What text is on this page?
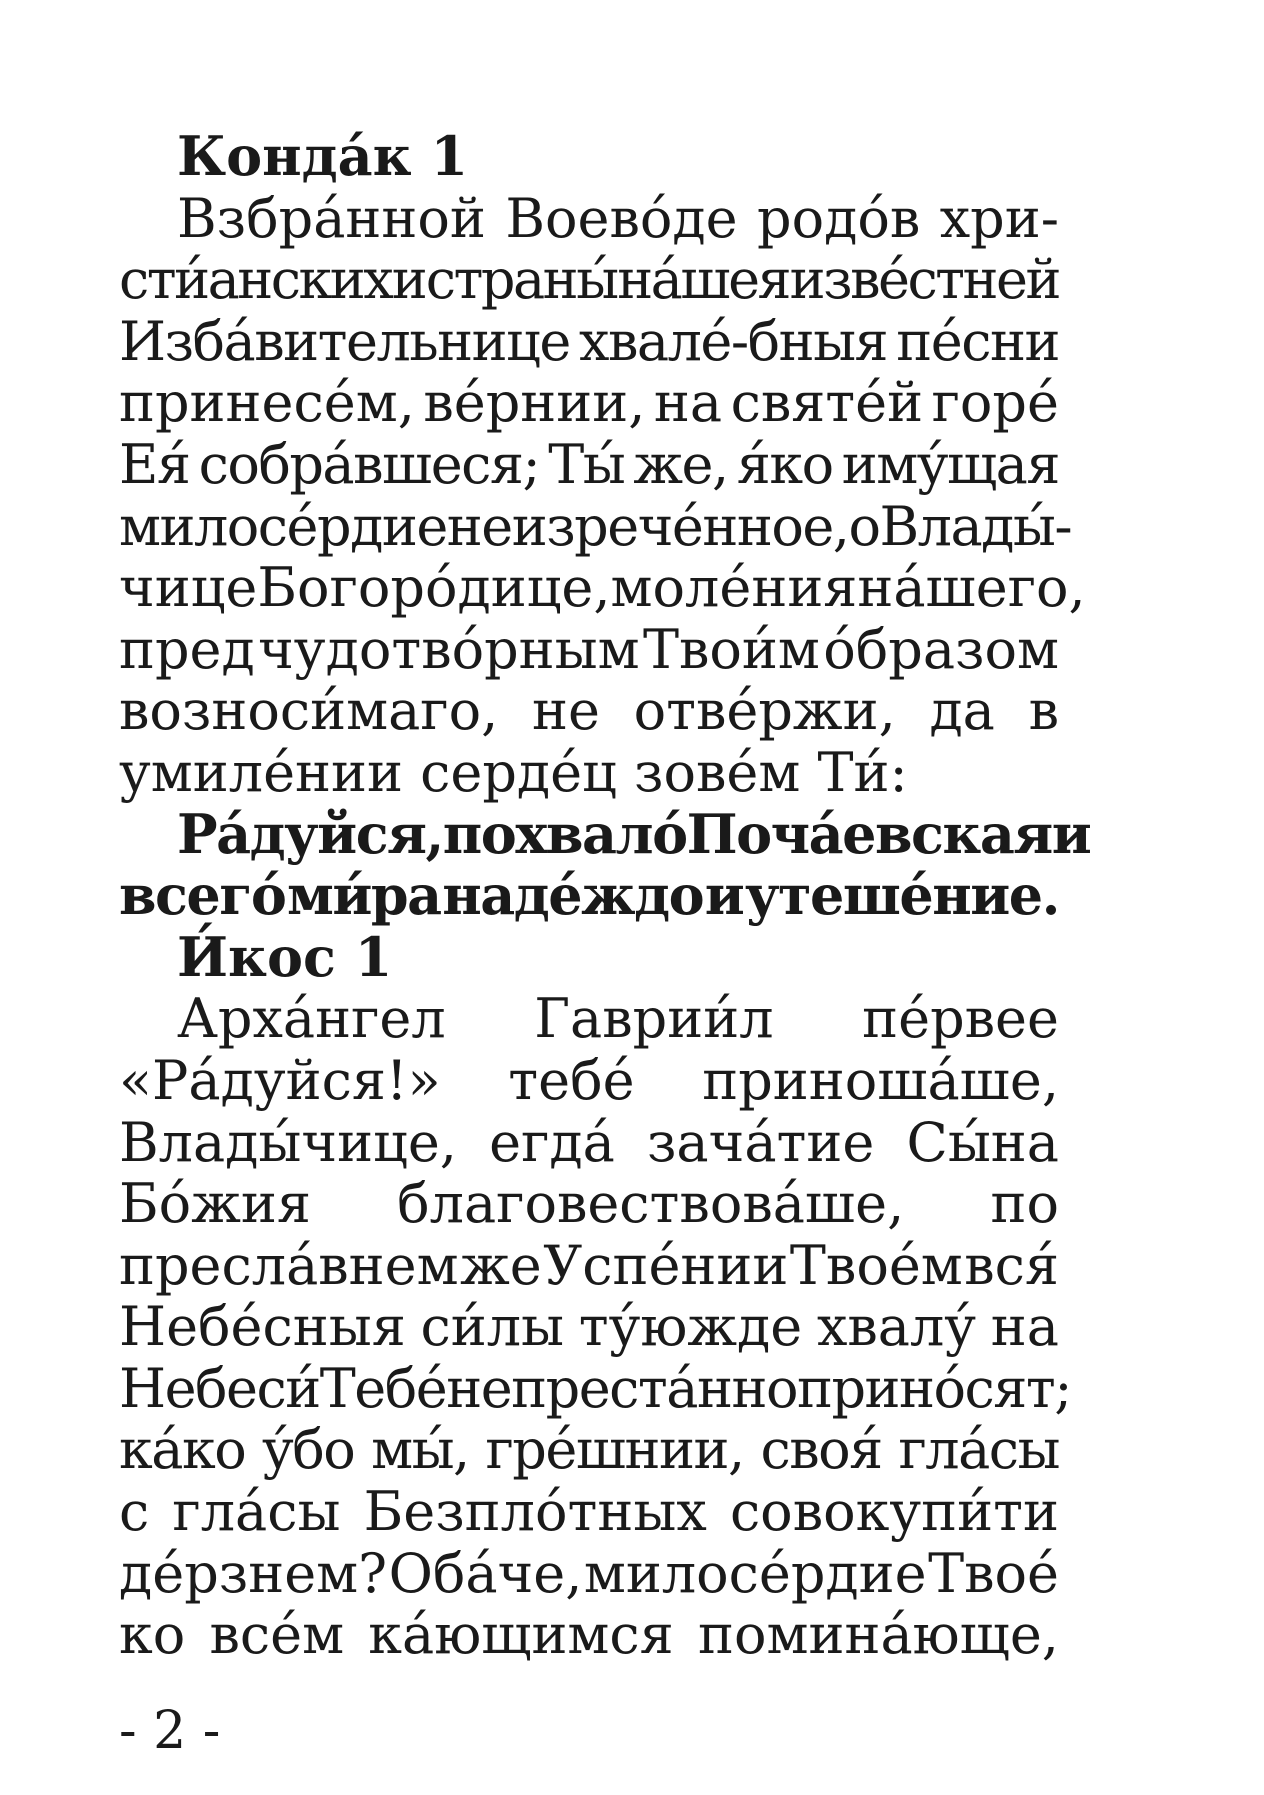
Конда́к 1
Взбра́нной Воево́де родо́в хри-
сти́анских и страны́ на́шея изве́стней
Изба́вительнице хвале́-бныя пе́сни
принесе́м, ве́рнии, на святе́й горе́
Ея́ собра́вшеся; Ты́ же, я́ко иму́щая
милосе́рдие неизрече́нное, о Влады́-
чице Богоро́дице, моле́ния на́шего,
пред чудотво́рным Твои́м о́бразом
возноси́маго, не отве́ржи, да в
умиле́нии серде́ц зове́м Ти́:
Ра́дуйся, похвало́ Поча́евская и
всего́ ми́ра наде́ждо и утеше́ние.
И́кос 1
Арха́нгел Гаврии́л пе́рвее
«Ра́дуйся!» тебе́ приноша́ше,
Влады́чице, егда́ зача́тие Сы́на
Бо́жия благовествова́ше, по
пресла́внем же Успе́нии Твое́м вся́
Небе́сныя си́лы ту́южде хвалу́ на
Небеси́ Тебе́ непреста́нно прино́сят;
ка́ко у́бо мы́, гре́шнии, своя́ гла́сы
с гла́сы Безпло́тных совокупи́ти
де́рзнем? Оба́че, милосе́рдие Твое́
ко все́м ка́ющимся помина́юще,
- 2 -
